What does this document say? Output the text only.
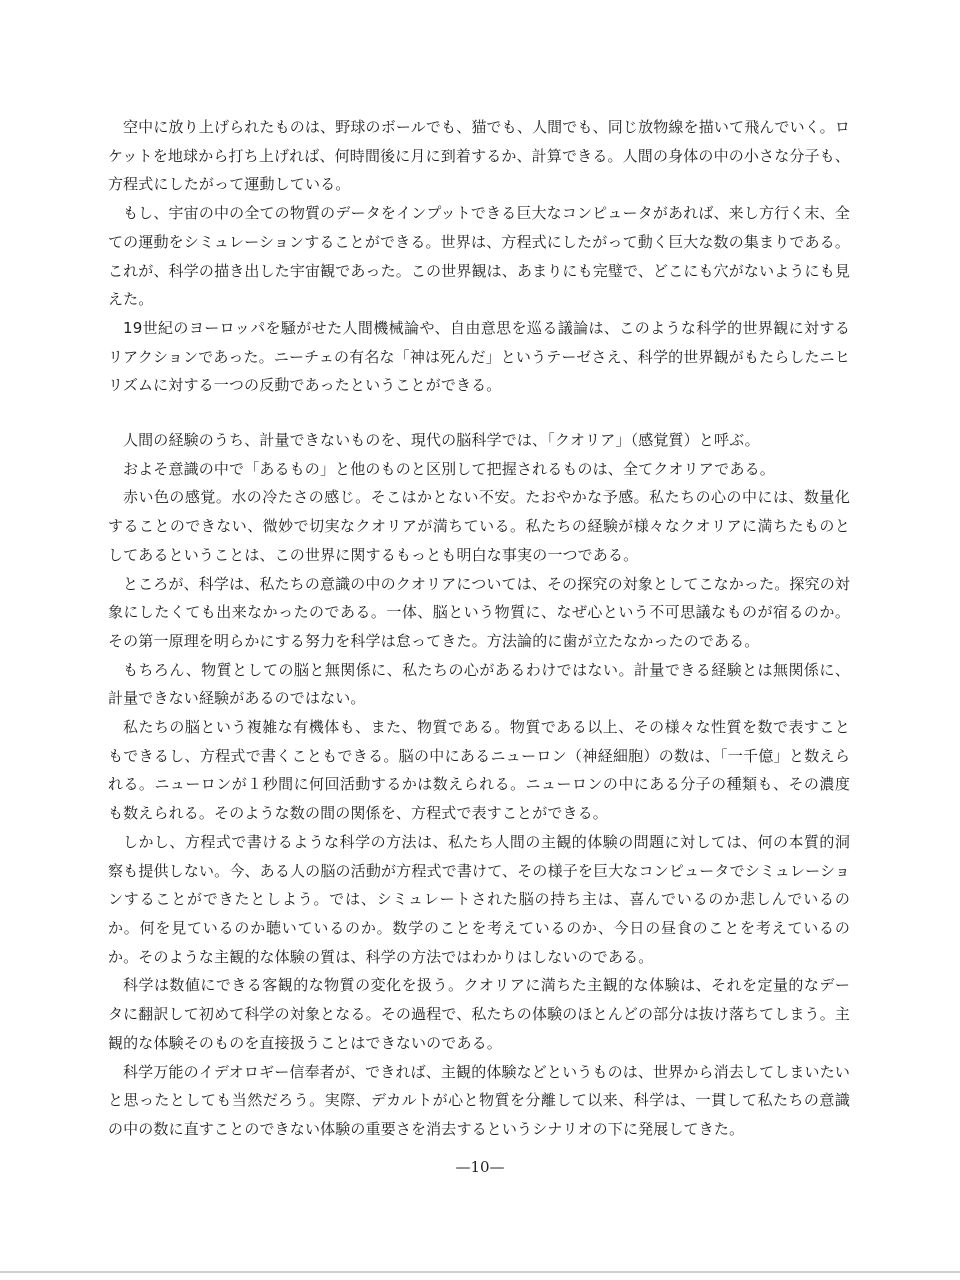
空中に放り上げられたものは、野球のボールでも、猫でも、人間でも、同じ放物線を描いて飛んでいく。ロケットを地球から打ち上げれば、何時間後に月に到着するか、計算できる。人間の身体の中の小さな分子も、方程式にしたがって運動している。

もし、宇宙の中の全ての物質のデータをインプットできる巨大なコンピュータがあれば、来し方行く末、全ての運動をシミュレーションすることができる。世界は、方程式にしたがって動く巨大な数の集まりである。これが、科学の描き出した宇宙観であった。この世界観は、あまりにも完璧で、どこにも穴がないようにも見えた。

19世紀のヨーロッパを騒がせた人間機械論や、自由意思を巡る議論は、このような科学的世界観に対するリアクションであった。ニーチェの有名な「神は死んだ」というテーゼさえ、科学的世界観がもたらしたニヒリズムに対する一つの反動であったということができる。

人間の経験のうち、計量できないものを、現代の脳科学では、「クオリア」（感覚質）と呼ぶ。

およそ意識の中で「あるもの」と他のものと区別して把握されるものは、全てクオリアである。

赤い色の感覚。水の冷たさの感じ。そこはかとない不安。たおやかな予感。私たちの心の中には、数量化することのできない、微妙で切実なクオリアが満ちている。私たちの経験が様々なクオリアに満ちたものとしてあるということは、この世界に関するもっとも明白な事実の一つである。

ところが、科学は、私たちの意識の中のクオリアについては、その探究の対象としてこなかった。探究の対象にしたくても出来なかったのである。一体、脳という物質に、なぜ心という不可思議なものが宿るのか。その第一原理を明らかにする努力を科学は怠ってきた。方法論的に歯が立たなかったのである。

もちろん、物質としての脳と無関係に、私たちの心があるわけではない。計量できる経験とは無関係に、計量できない経験があるのではない。

私たちの脳という複雑な有機体も、また、物質である。物質である以上、その様々な性質を数で表すこともできるし、方程式で書くこともできる。脳の中にあるニューロン（神経細胞）の数は、「一千億」と数えられる。ニューロンが１秒間に何回活動するかは数えられる。ニューロンの中にある分子の種類も、その濃度も数えられる。そのような数の間の関係を、方程式で表すことができる。

しかし、方程式で書けるような科学の方法は、私たち人間の主観的体験の問題に対しては、何の本質的洞察も提供しない。今、ある人の脳の活動が方程式で書けて、その様子を巨大なコンピュータでシミュレーションすることができたとしよう。では、シミュレートされた脳の持ち主は、喜んでいるのか悲しんでいるのか。何を見ているのか聴いているのか。数学のことを考えているのか、今日の昼食のことを考えているのか。そのような主観的な体験の質は、科学の方法ではわかりはしないのである。

科学は数値にできる客観的な物質の変化を扱う。クオリアに満ちた主観的な体験は、それを定量的なデータに翻訳して初めて科学の対象となる。その過程で、私たちの体験のほとんどの部分は抜け落ちてしまう。主観的な体験そのものを直接扱うことはできないのである。

科学万能のイデオロギー信奉者が、できれば、主観的体験などというものは、世界から消去してしまいたいと思ったとしても当然だろう。実際、デカルトが心と物質を分離して以来、科学は、一貫して私たちの意識の中の数に直すことのできない体験の重要さを消去するというシナリオの下に発展してきた。

—10—
